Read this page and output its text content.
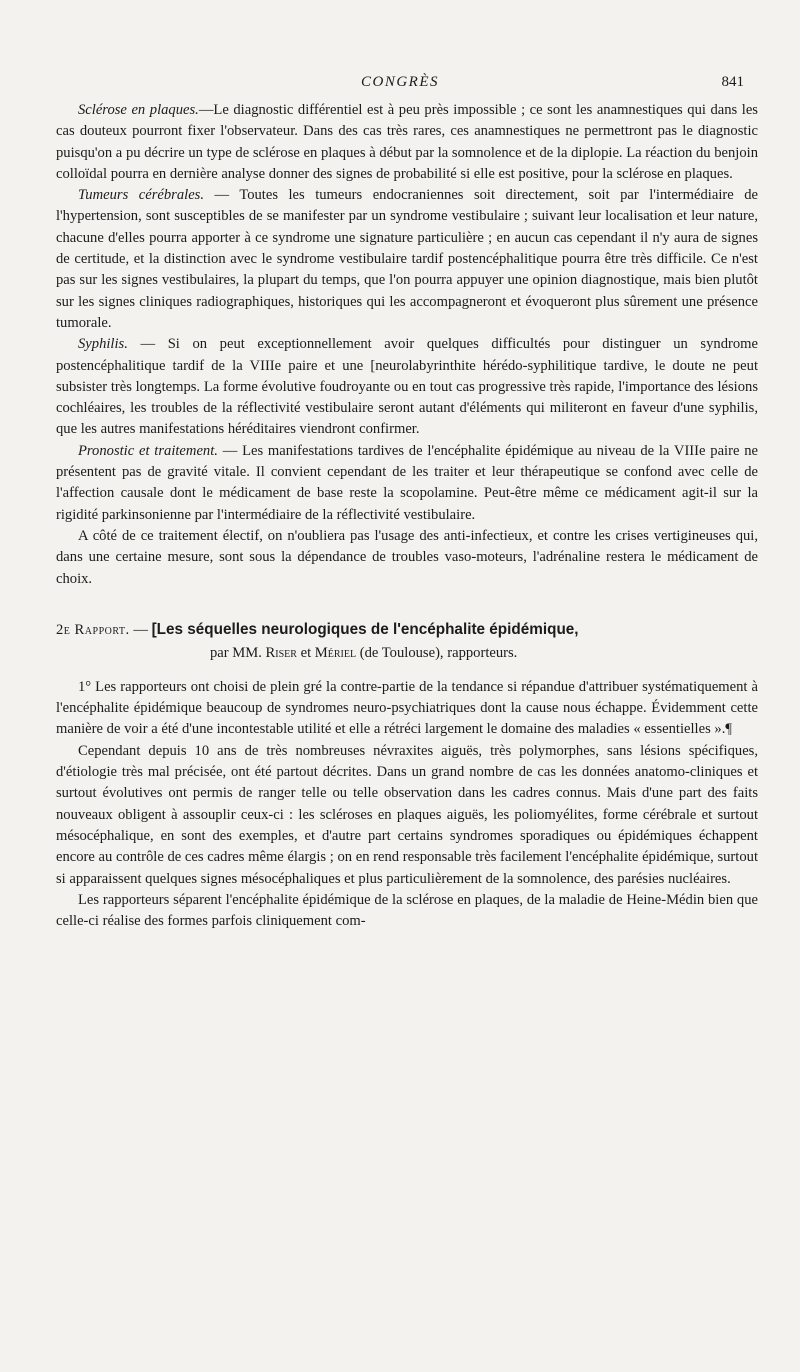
CONGRÈS	841

Sclérose en plaques.—Le diagnostic différentiel est à peu près impossible ; ce sont les anamnestiques qui dans les cas douteux pourront fixer l'observateur. Dans des cas très rares, ces anamnestiques ne permettront pas le diagnostic puisqu'on a pu décrire un type de sclérose en plaques à début par la somnolence et de la diplopie. La réaction du benjoin colloïdal pourra en dernière analyse donner des signes de probabilité si elle est positive, pour la sclérose en plaques.

Tumeurs cérébrales. — Toutes les tumeurs endocraniennes soit directement, soit par l'intermédiaire de l'hypertension, sont susceptibles de se manifester par un syndrome vestibulaire ; suivant leur localisation et leur nature, chacune d'elles pourra apporter à ce syndrome une signature particulière ; en aucun cas cependant il n'y aura de signes de certitude, et la distinction avec le syndrome vestibulaire tardif postencéphalitique pourra être très difficile. Ce n'est pas sur les signes vestibulaires, la plupart du temps, que l'on pourra appuyer une opinion diagnostique, mais bien plutôt sur les signes cliniques radiographiques, historiques qui les accompagneront et évoqueront plus sûrement une présence tumorale.

Syphilis. — Si on peut exceptionnellement avoir quelques difficultés pour distinguer un syndrome postencéphalitique tardif de la VIIIe paire et une [neurolabyrinthite hérédo-syphilitique tardive, le doute ne peut subsister très longtemps. La forme évolutive foudroyante ou en tout cas progressive très rapide, l'importance des lésions cochléaires, les troubles de la réflectivité vestibulaire seront autant d'éléments qui militeront en faveur d'une syphilis, que les autres manifestations héréditaires viendront confirmer.

Pronostic et traitement. — Les manifestations tardives de l'encéphalite épidémique au niveau de la VIIIe paire ne présentent pas de gravité vitale. Il convient cependant de les traiter et leur thérapeutique se confond avec celle de l'affection causale dont le médicament de base reste la scopolamine. Peut-être même ce médicament agit-il sur la rigidité parkinsonienne par l'intermédiaire de la réflectivité vestibulaire.

A côté de ce traitement électif, on n'oubliera pas l'usage des anti-infectieux, et contre les crises vertigineuses qui, dans une certaine mesure, sont sous la dépendance de troubles vaso-moteurs, l'adrénaline restera le médicament de choix.

2e Rapport. — [Les séquelles neurologiques de l'encéphalite épidémique,
par MM. Riser et Mériel (de Toulouse), rapporteurs.

1° Les rapporteurs ont choisi de plein gré la contre-partie de la tendance si répandue d'attribuer systématiquement à l'encéphalite épidémique beaucoup de syndromes neuro-psychiatriques dont la cause nous échappe. Évidemment cette manière de voir a été d'une incontestable utilité et elle a rétréci largement le domaine des maladies « essentielles ».¶

Cependant depuis 10 ans de très nombreuses névraxites aiguës, très polymorphes, sans lésions spécifiques, d'étiologie très mal précisée, ont été partout décrites. Dans un grand nombre de cas les données anatomo-cliniques et surtout évolutives ont permis de ranger telle ou telle observation dans les cadres connus. Mais d'une part des faits nouveaux obligent à assouplir ceux-ci : les scléroses en plaques aiguës, les poliomyélites, forme cérébrale et surtout mésocéphalique, en sont des exemples, et d'autre part certains syndromes sporadiques ou épidémiques échappent encore au contrôle de ces cadres même élargis ; on en rend responsable très facilement l'encéphalite épidémique, surtout si apparaissent quelques signes mésocéphaliques et plus particulièrement de la somnolence, des parésies nucléaires.

Les rapporteurs séparent l'encéphalite épidémique de la sclérose en plaques, de la maladie de Heine-Médin bien que celle-ci réalise des formes parfois cliniquement com-
